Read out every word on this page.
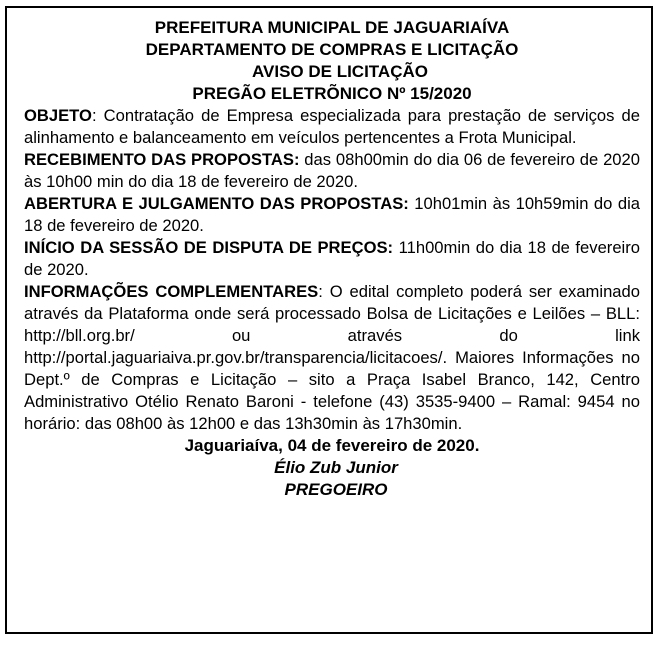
PREFEITURA MUNICIPAL DE JAGUARIAÍVA
DEPARTAMENTO DE COMPRAS E LICITAÇÃO
AVISO DE LICITAÇÃO
PREGÃO ELETRÕNICO Nº 15/2020
OBJETO: Contratação de Empresa especializada para prestação de serviços de alinhamento e balanceamento em veículos pertencentes a Frota Municipal.
RECEBIMENTO DAS PROPOSTAS: das 08h00min do dia 06 de fevereiro de 2020 às 10h00 min do dia 18 de fevereiro de 2020.
ABERTURA E JULGAMENTO DAS PROPOSTAS: 10h01min às 10h59min do dia 18 de fevereiro de 2020.
INÍCIO DA SESSÃO DE DISPUTA DE PREÇOS: 11h00min do dia 18 de fevereiro de 2020.
INFORMAÇÕES COMPLEMENTARES: O edital completo poderá ser examinado através da Plataforma onde será processado Bolsa de Licitações e Leilões – BLL: http://bll.org.br/ ou através do link http://portal.jaguariaiva.pr.gov.br/transparencia/licitacoes/. Maiores Informações no Dept.º de Compras e Licitação – sito a Praça Isabel Branco, 142, Centro Administrativo Otélio Renato Baroni - telefone (43) 3535-9400 – Ramal: 9454 no horário: das 08h00 às 12h00 e das 13h30min às 17h30min.
Jaguariaíva, 04 de fevereiro de 2020.
Élio Zub Junior
PREGOEIRO
